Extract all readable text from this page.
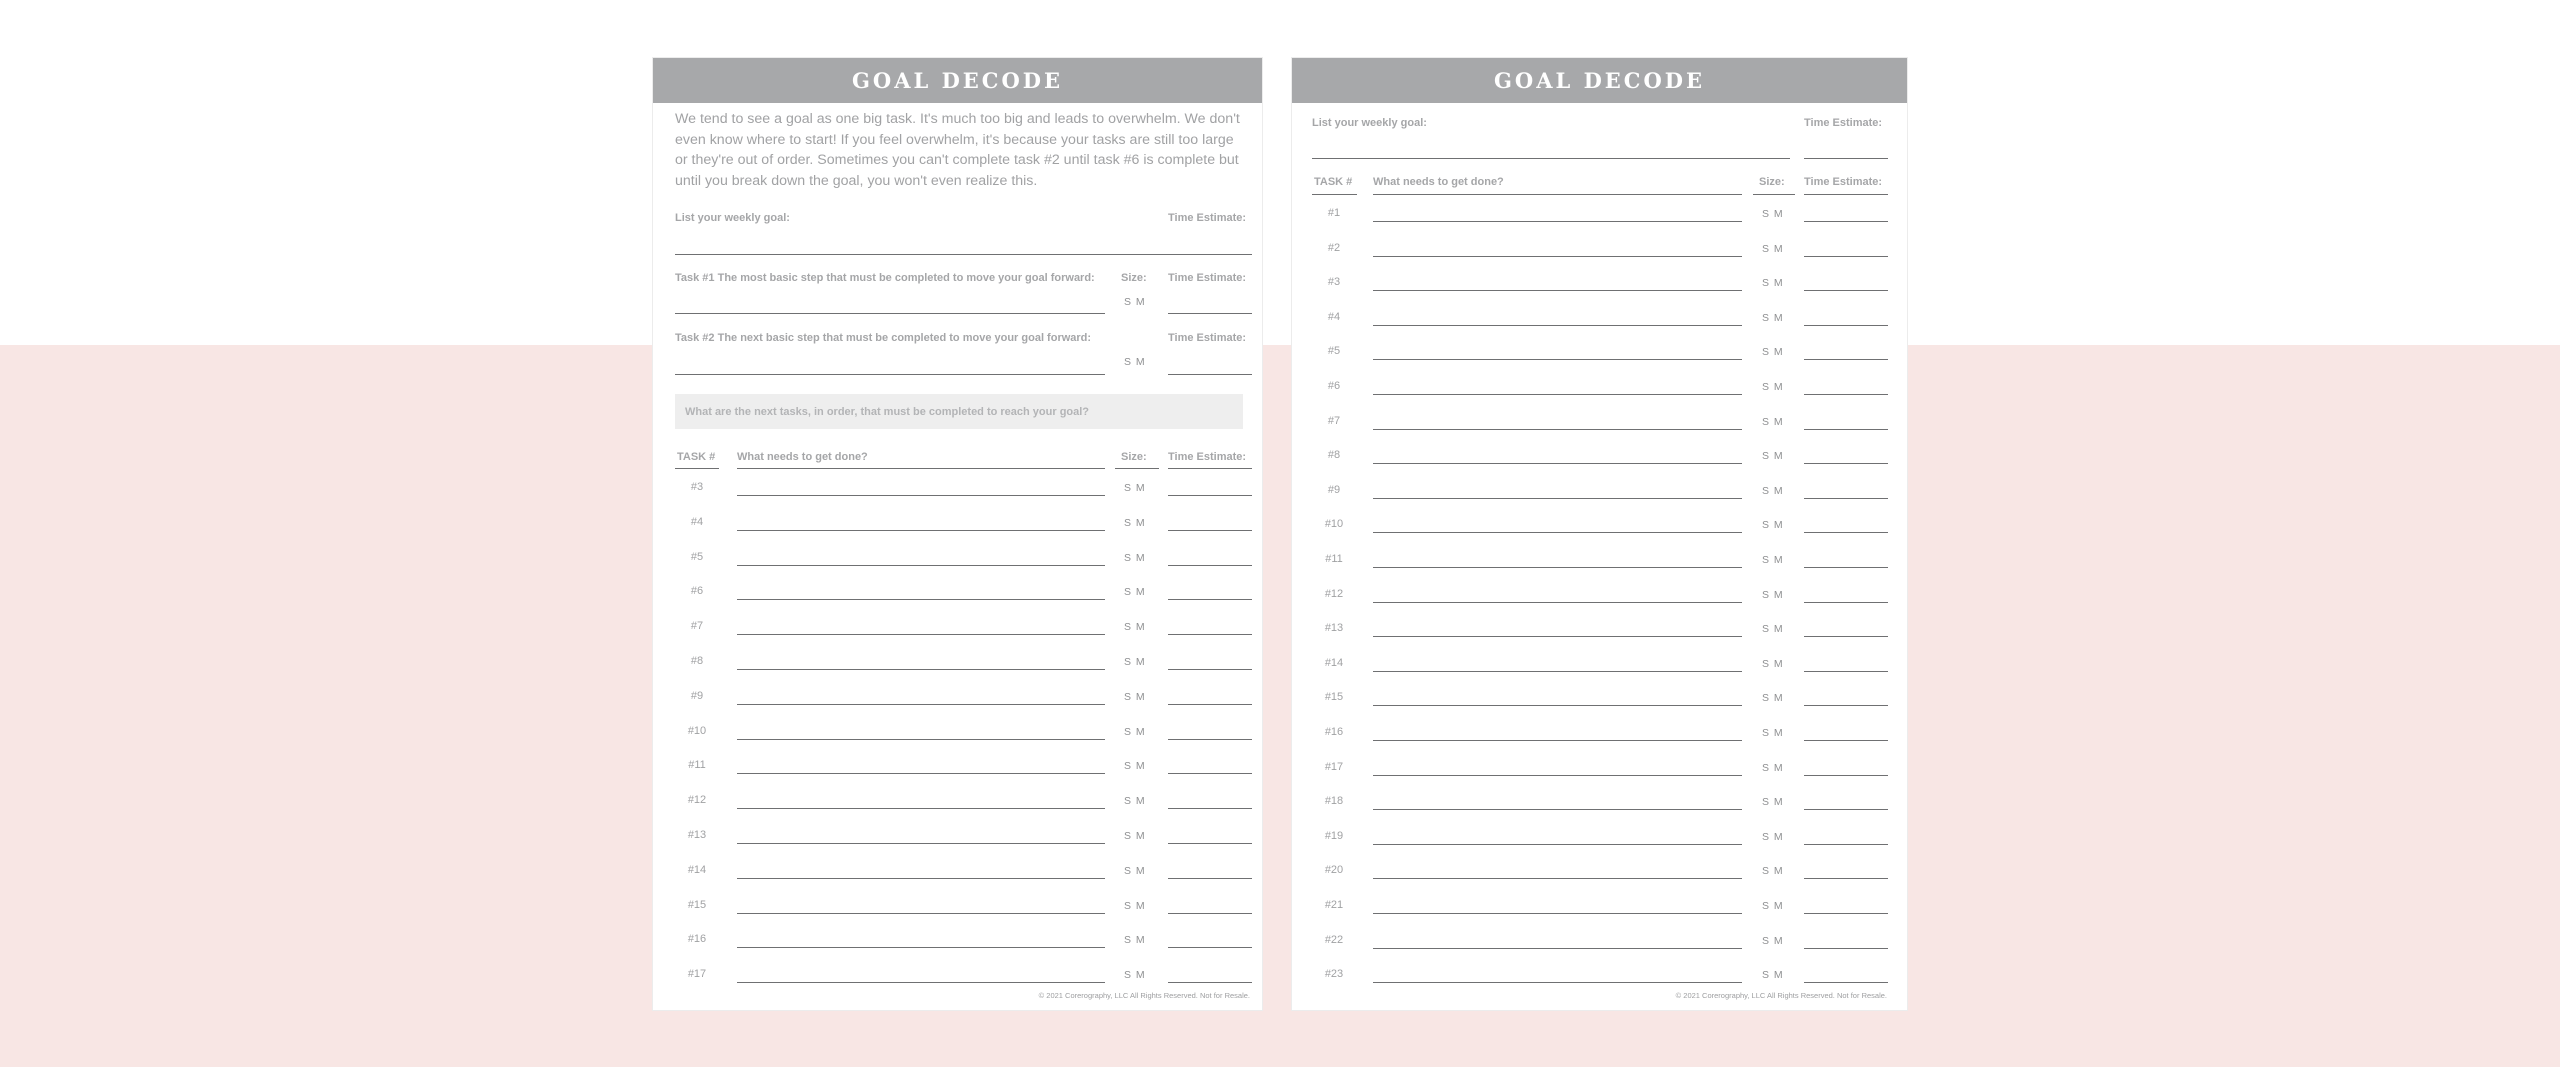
GOAL DECODE
We tend to see a goal as one big task. It's much too big and leads to overwhelm. We don't even know where to start! If you feel overwhelm, it's because your tasks are still too large or they're out of order. Sometimes you can't complete task #2 until task #6 is complete but until you break down the goal, you won't even realize this.
List your weekly goal:	Time Estimate:
Task #1 The most basic step that must be completed to move your goal forward: Size: Time Estimate:
S M
Task #2 The next basic step that must be completed to move your goal forward:	Time Estimate:
S M
What are the next tasks, in order, that must be completed to reach your goal?
TASK # What needs to get done?	Size: Time Estimate:
#3	S M
#4	S M
#5	S M
#6	S M
#7	S M
#8	S M
#9	S M
#10	S M
#11	S M
#12	S M
#13	S M
#14	S M
#15	S M
#16	S M
#17	S M
© 2021 Corerography, LLC All Rights Reserved. Not for Resale.
GOAL DECODE
List your weekly goal:	Time Estimate:
TASK # What needs to get done?	Size: Time Estimate:
#1	S M
#2	S M
#3	S M
#4	S M
#5	S M
#6	S M
#7	S M
#8	S M
#9	S M
#10	S M
#11	S M
#12	S M
#13	S M
#14	S M
#15	S M
#16	S M
#17	S M
#18	S M
#19	S M
#20	S M
#21	S M
#22	S M
#23	S M
© 2021 Corerography, LLC All Rights Reserved. Not for Resale.
